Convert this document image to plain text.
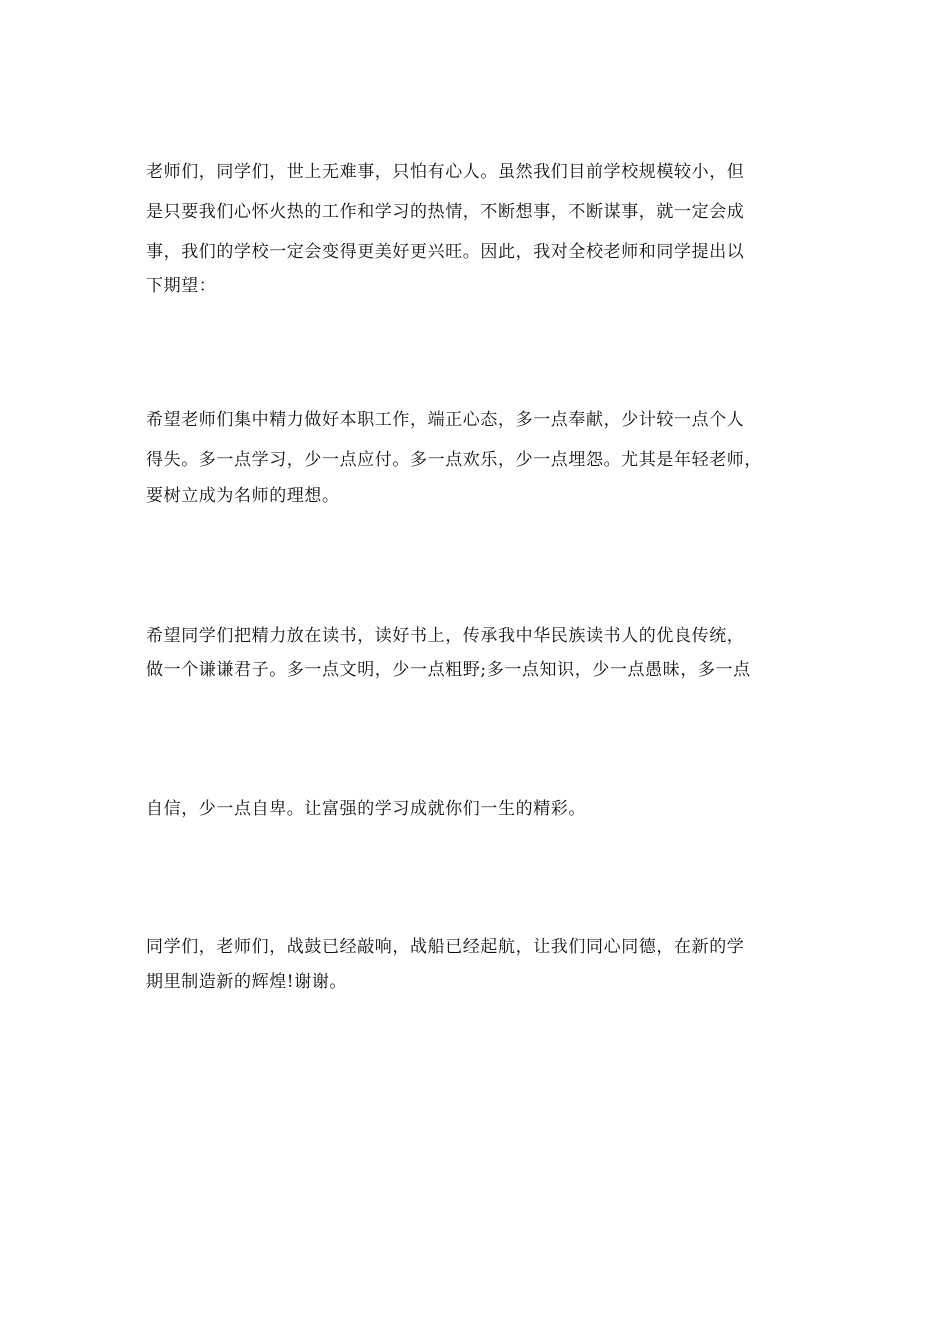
老师们，同学们，世上无难事，只怕有心人。虽然我们目前学校规模较小，但
是只要我们心怀火热的工作和学习的热情，不断想事，不断谋事，就一定会成
事，我们的学校一定会变得更美好更兴旺。因此，我对全校老师和同学提出以
下期望：
希望老师们集中精力做好本职工作，端正心态，多一点奉献，少计较一点个人
得失。多一点学习，少一点应付。多一点欢乐，少一点埋怨。尤其是年轻老师，
要树立成为名师的理想。
希望同学们把精力放在读书，读好书上，传承我中华民族读书人的优良传统，
做一个谦谦君子。多一点文明，少一点粗野;多一点知识，少一点愚昧，多一点
自信，少一点自卑。让富强的学习成就你们一生的精彩。
同学们，老师们，战鼓已经敲响，战船已经起航，让我们同心同德，在新的学
期里制造新的辉煌!谢谢。
